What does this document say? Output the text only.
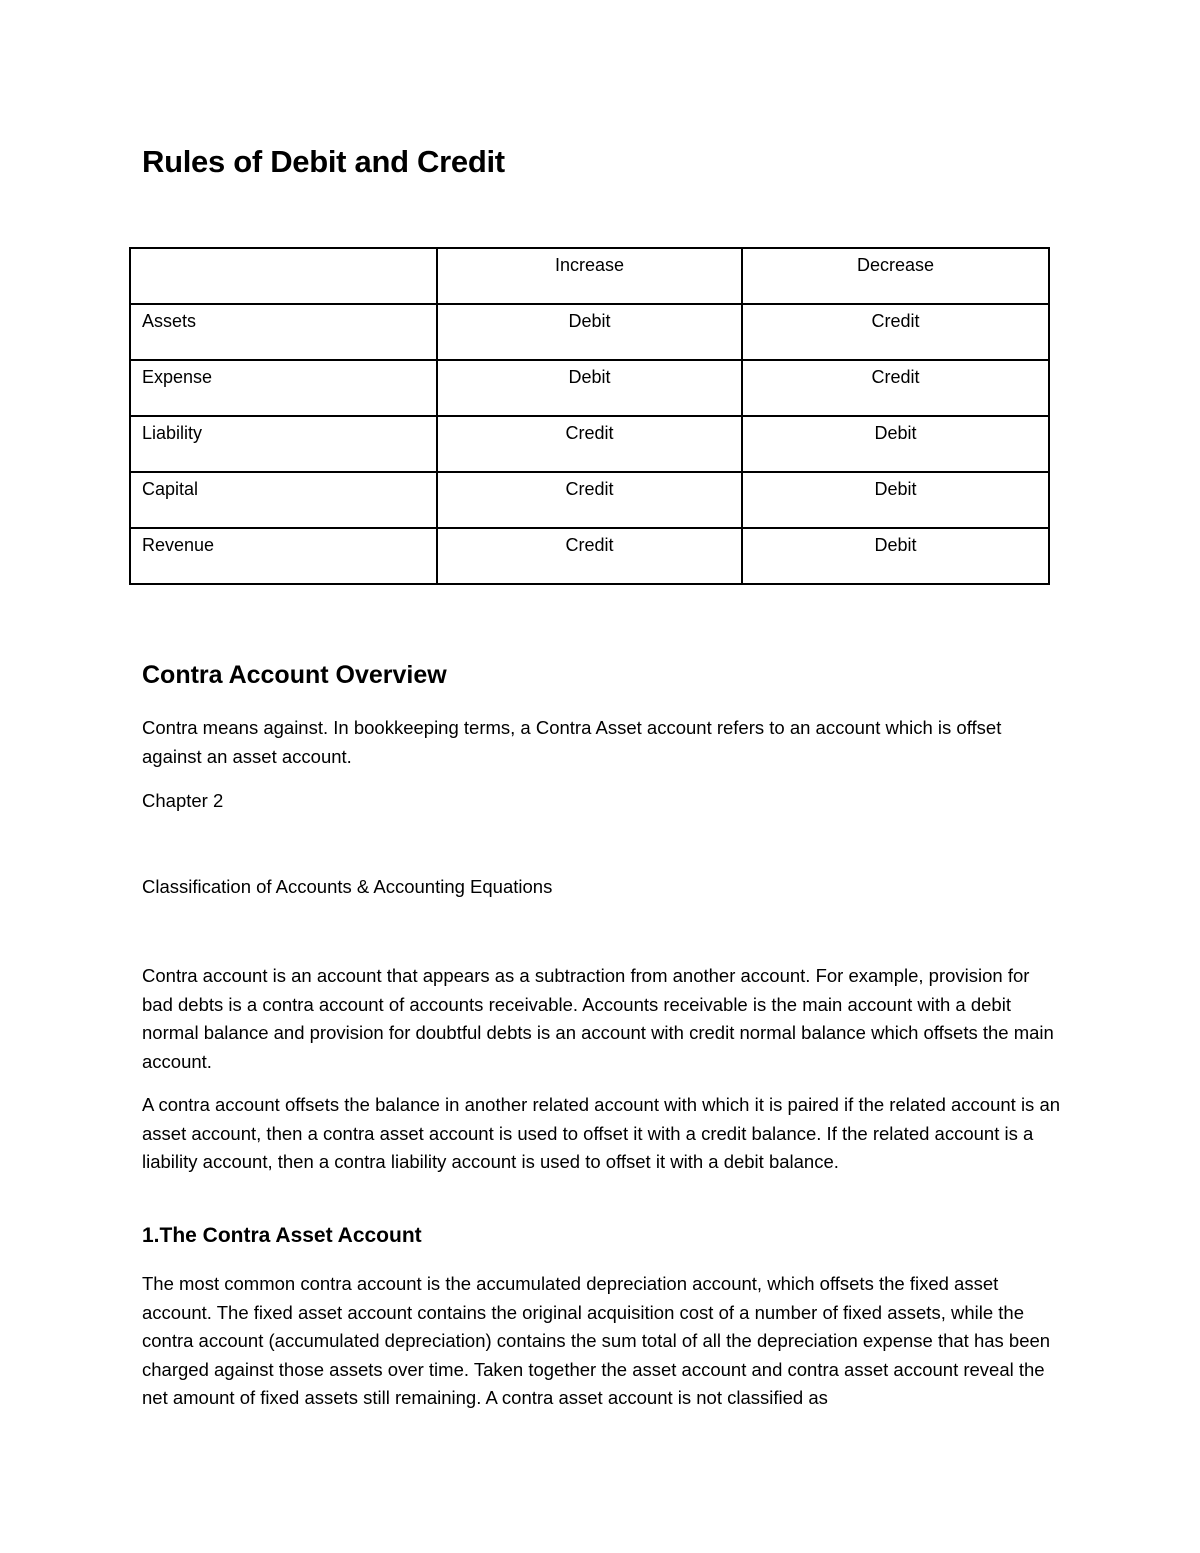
Rules of Debit and Credit
	Increase	Decrease
Assets	Debit	Credit
Expense	Debit	Credit
Liability	Credit	Debit
Capital	Credit	Debit
Revenue	Credit	Debit
Contra Account Overview

Contra means against. In bookkeeping terms, a Contra Asset account refers to an account which is offset against an asset account.

Chapter 2

Classification of Accounts & Accounting Equations

Contra account is an account that appears as a subtraction from another account. For example, provision for bad debts is a contra account of accounts receivable. Accounts receivable is the main account with a debit normal balance and provision for doubtful debts is an account with credit normal balance which offsets the main account.

A contra account offsets the balance in another related account with which it is paired if the related account is an asset account, then a contra asset account is used to offset it with a credit balance. If the related account is a liability account, then a contra liability account is used to offset it with a debit balance.

1.The Contra Asset Account

The most common contra account is the accumulated depreciation account, which offsets the fixed asset account. The fixed asset account contains the original acquisition cost of a number of fixed assets, while the contra account (accumulated depreciation) contains the sum total of all the depreciation expense that has been charged against those assets over time. Taken together the asset account and contra asset account reveal the net amount of fixed assets still remaining. A contra asset account is not classified as
